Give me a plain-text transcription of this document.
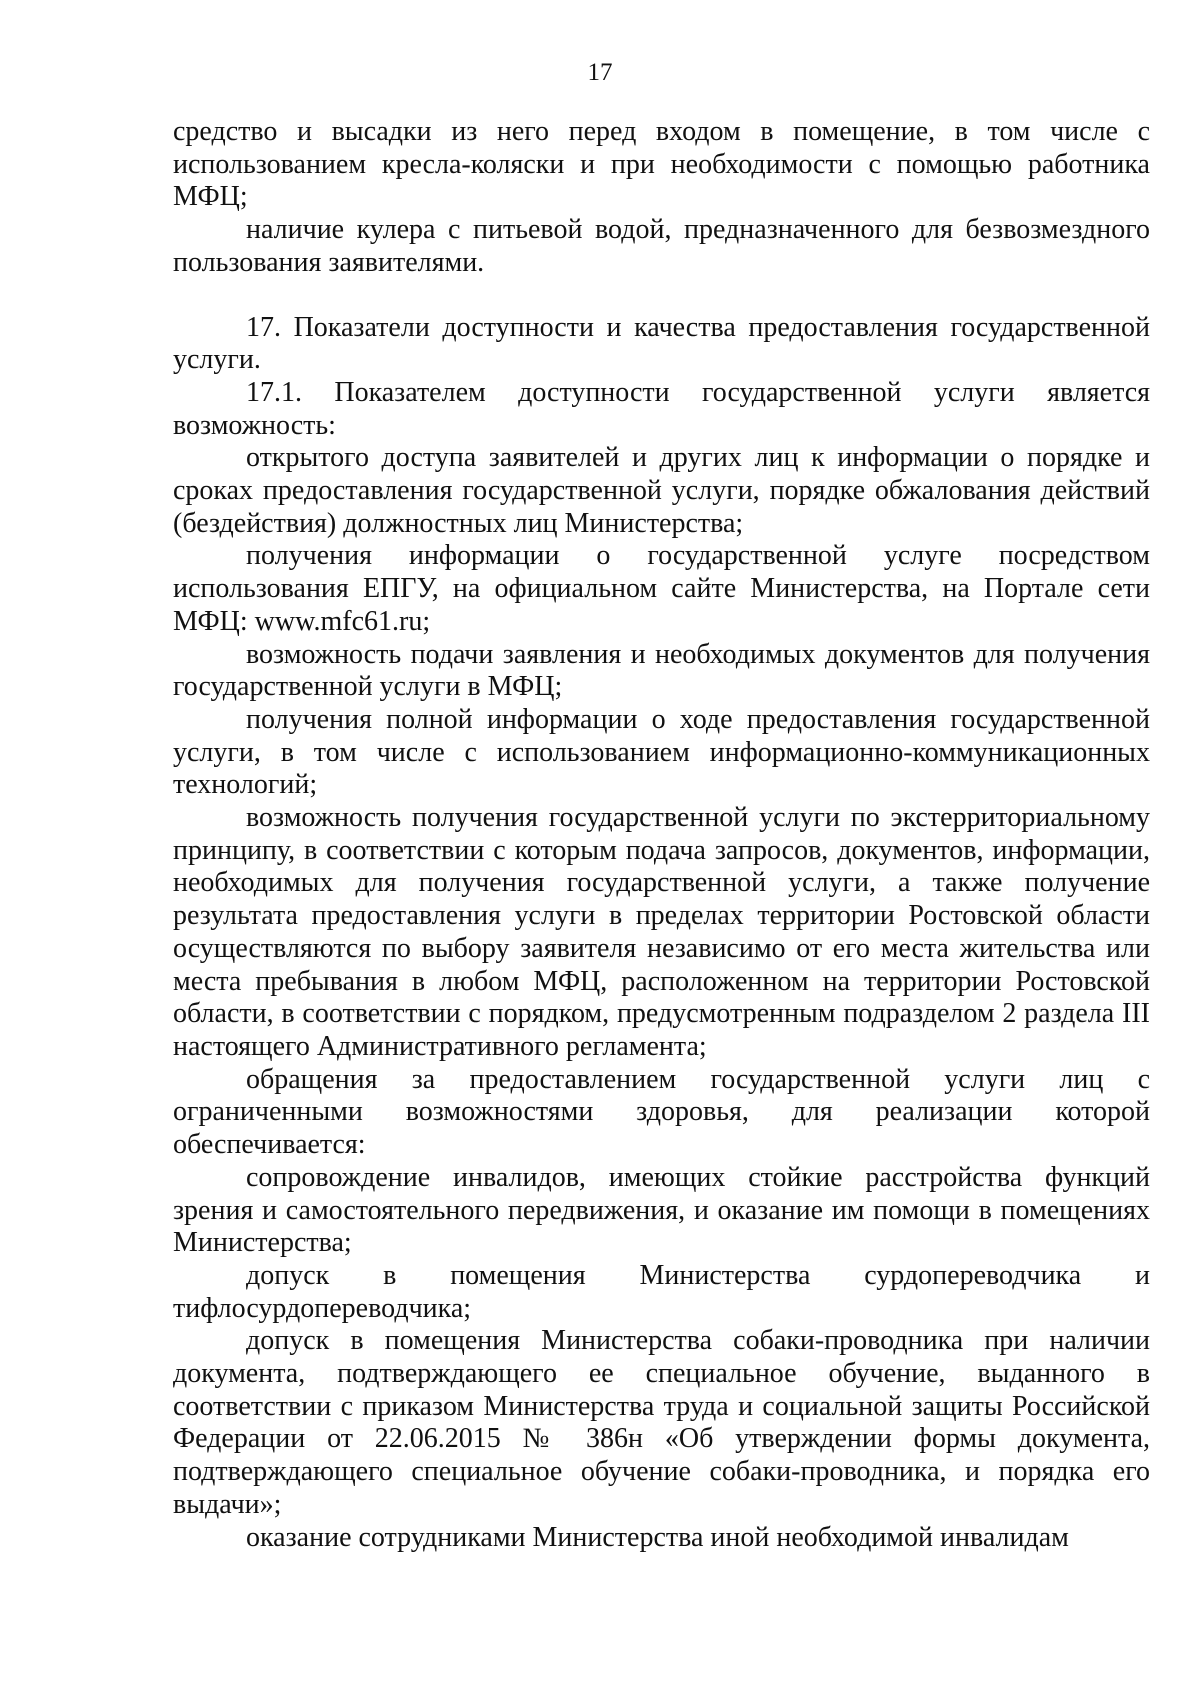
17

средство и высадки из него перед входом в помещение, в том числе с использованием кресла-коляски и при необходимости с помощью работника МФЦ;

наличие кулера с питьевой водой, предназначенного для безвозмездного пользования заявителями.

17. Показатели доступности и качества предоставления государственной услуги.

17.1. Показателем доступности государственной услуги является возможность:

открытого доступа заявителей и других лиц к информации о порядке и сроках предоставления государственной услуги, порядке обжалования действий (бездействия) должностных лиц Министерства;

получения информации о государственной услуге посредством использования ЕПГУ, на официальном сайте Министерства, на Портале сети МФЦ: www.mfc61.ru;

возможность подачи заявления и необходимых документов для получения государственной услуги в МФЦ;

получения полной информации о ходе предоставления государственной услуги, в том числе с использованием информационно-коммуникационных технологий;

возможность получения государственной услуги по экстерриториальному принципу, в соответствии с которым подача запросов, документов, информации, необходимых для получения государственной услуги, а также получение результата предоставления услуги в пределах территории Ростовской области осуществляются по выбору заявителя независимо от его места жительства или места пребывания в любом МФЦ, расположенном на территории Ростовской области, в соответствии с порядком, предусмотренным подразделом 2 раздела III настоящего Административного регламента;

обращения за предоставлением государственной услуги лиц с ограниченными возможностями здоровья, для реализации которой обеспечивается:

сопровождение инвалидов, имеющих стойкие расстройства функций зрения и самостоятельного передвижения, и оказание им помощи в помещениях Министерства;

допуск в помещения Министерства сурдопереводчика и тифлосурдопереводчика;

допуск в помещения Министерства собаки-проводника при наличии документа, подтверждающего ее специальное обучение, выданного в соответствии с приказом Министерства труда и социальной защиты Российской Федерации от 22.06.2015 № 386н «Об утверждении формы документа, подтверждающего специальное обучение собаки-проводника, и порядка его выдачи»;

оказание сотрудниками Министерства иной необходимой инвалидам
